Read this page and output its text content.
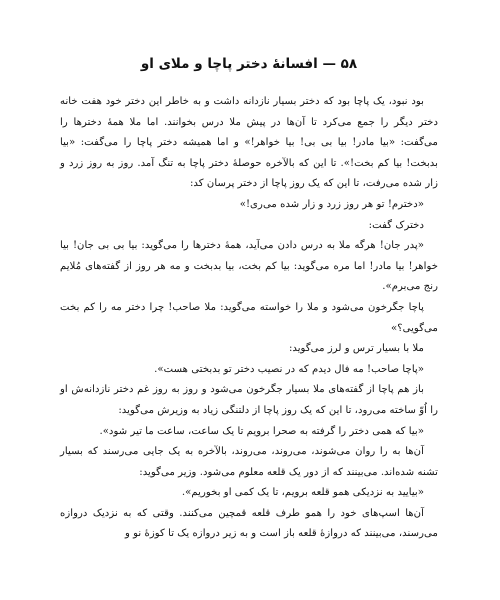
۵۸ — افسانهٔ دختر پاچا و ملای او

بود نبود، یک پاچا بود که دختر بسیار نازدانه داشت و به خاطر این دختر خود هفت خانه دختر دیگر را جمع می‌کرد تا آن‌ها در پیش ملا درس بخوانند. اما ملا همهٔ دخترها را می‌گفت: «بیا مادر! بیا بی بی! بیا خواهر!» و اما همیشه دختر پاچا را می‌گفت: «بیا بدبخت! بیا کم بخت!». تا این که بالآخره حوصلهٔ دختر پاچا به تنگ آمد. روز به روز زرد و زار شده می‌رفت، تا این که یک روز پاچا از دختر پرسان کد:

«دخترم! تو هر روز زرد و زار شده می‌ری!»

دخترک گفت:

«پدر جان! هرگه ملا به درس دادن می‌آید، همهٔ دخترها را می‌گوید: بیا بی بی جان! بیا خواهر! بیا مادر! اما مره می‌گوید: بیا کم بخت، بیا بدبخت و مه هر روز از گفته‌های مُلایم رنج می‌برم».

پاچا جگرخون می‌شود و ملا را خواسته می‌گوید: ملا صاحب! چرا دختر مه را کم بخت می‌گویی؟»

ملا با بسیار ترس و لرز می‌گوید:

«پاچا صاحب! مه فال دیدم که در نصیب دختر تو بدبختی هست».

باز هم پاچا از گفته‌های ملا بسیار جگرخون می‌شود و روز به روز غم دختر نازدانه‌ش او را اُوّ ساخته می‌رود، تا این که یک روز پاچا از دلتنگی زیاد به وزیرش می‌گوید:

«بیا که همی دختر را گرفته به صحرا برویم تا یک ساعت، ساعت ما تیر شود».

آن‌ها به را روان می‌شوند، می‌روند، می‌روند، بالآخره به یک جایی می‌رسند که بسیار تشنه شده‌اند. می‌بینند که از دور یک قلعه معلوم می‌شود. وزیر می‌گوید:

«بیایید به نزدیکی همو قلعه برویم، تا یک کمی او بخوریم».

آن‌ها اسپ‌های خود را همو طرف قلعه قمچین می‌کنند. وقتی که به نزدیک دروازه می‌رسند، می‌بینند که دروازهٔ قلعه باز است و به زیر دروازه یک تا کوزهٔ نو و
